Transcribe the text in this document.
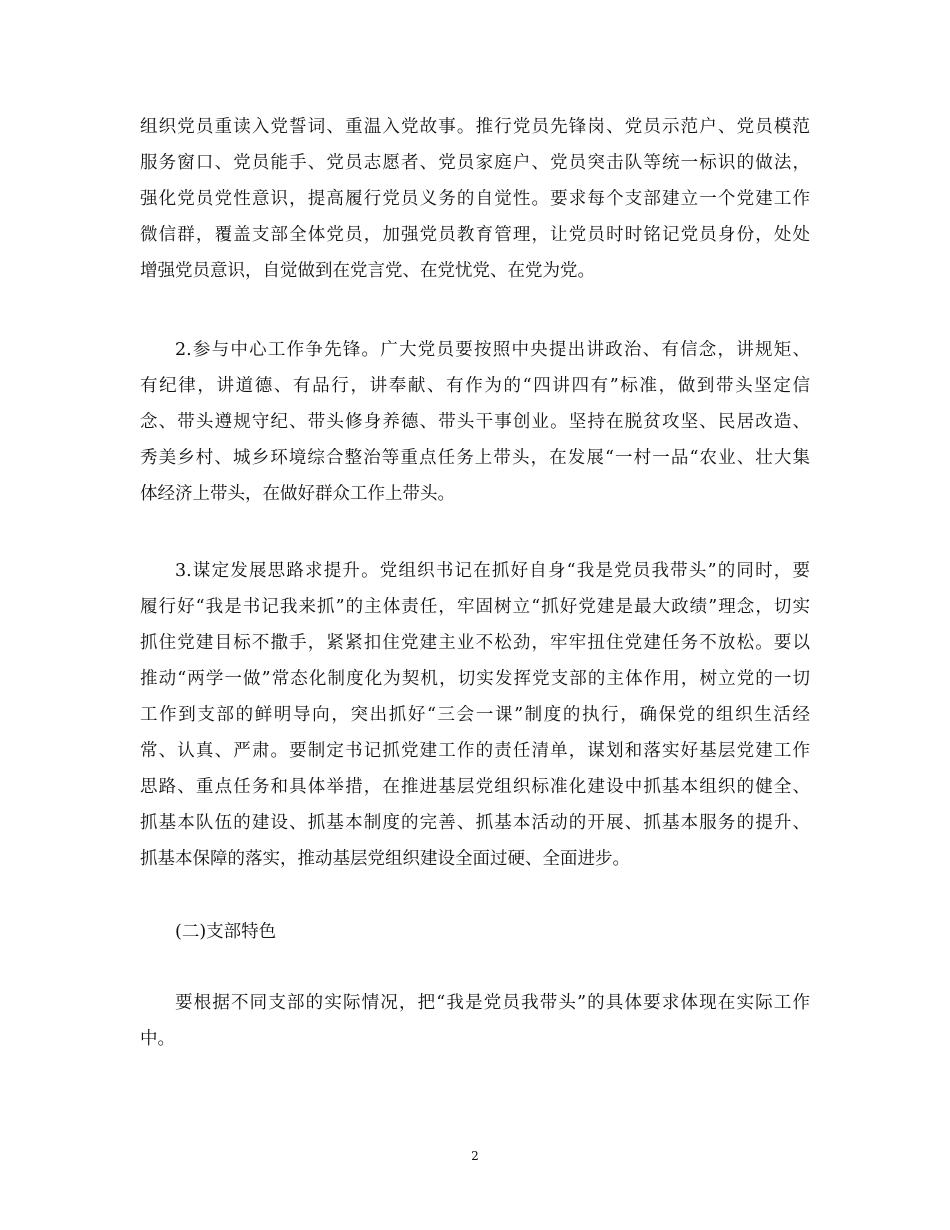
组织党员重读入党誓词、重温入党故事。推行党员先锋岗、党员示范户、党员模范
服务窗口、党员能手、党员志愿者、党员家庭户、党员突击队等统一标识的做法，
强化党员党性意识，提高履行党员义务的自觉性。要求每个支部建立一个党建工作
微信群，覆盖支部全体党员，加强党员教育管理，让党员时时铭记党员身份，处处
增强党员意识，自觉做到在党言党、在党忧党、在党为党。
2.参与中心工作争先锋。广大党员要按照中央提出讲政治、有信念，讲规矩、
有纪律，讲道德、有品行，讲奉献、有作为的“四讲四有”标准，做到带头坚定信
念、带头遵规守纪、带头修身养德、带头干事创业。坚持在脱贫攻坚、民居改造、
秀美乡村、城乡环境综合整治等重点任务上带头，在发展“一村一品“农业、壮大集
体经济上带头，在做好群众工作上带头。
3.谋定发展思路求提升。党组织书记在抓好自身“我是党员我带头”的同时，要
履行好“我是书记我来抓”的主体责任，牢固树立“抓好党建是最大政绩”理念，切实
抓住党建目标不撒手，紧紧扣住党建主业不松劲，牢牢扭住党建任务不放松。要以
推动“两学一做”常态化制度化为契机，切实发挥党支部的主体作用，树立党的一切
工作到支部的鲜明导向，突出抓好“三会一课”制度的执行，确保党的组织生活经
常、认真、严肃。要制定书记抓党建工作的责任清单，谋划和落实好基层党建工作
思路、重点任务和具体举措，在推进基层党组织标准化建设中抓基本组织的健全、
抓基本队伍的建设、抓基本制度的完善、抓基本活动的开展、抓基本服务的提升、
抓基本保障的落实，推动基层党组织建设全面过硬、全面进步。
(二)支部特色
要根据不同支部的实际情况，把“我是党员我带头”的具体要求体现在实际工作
中。
2
